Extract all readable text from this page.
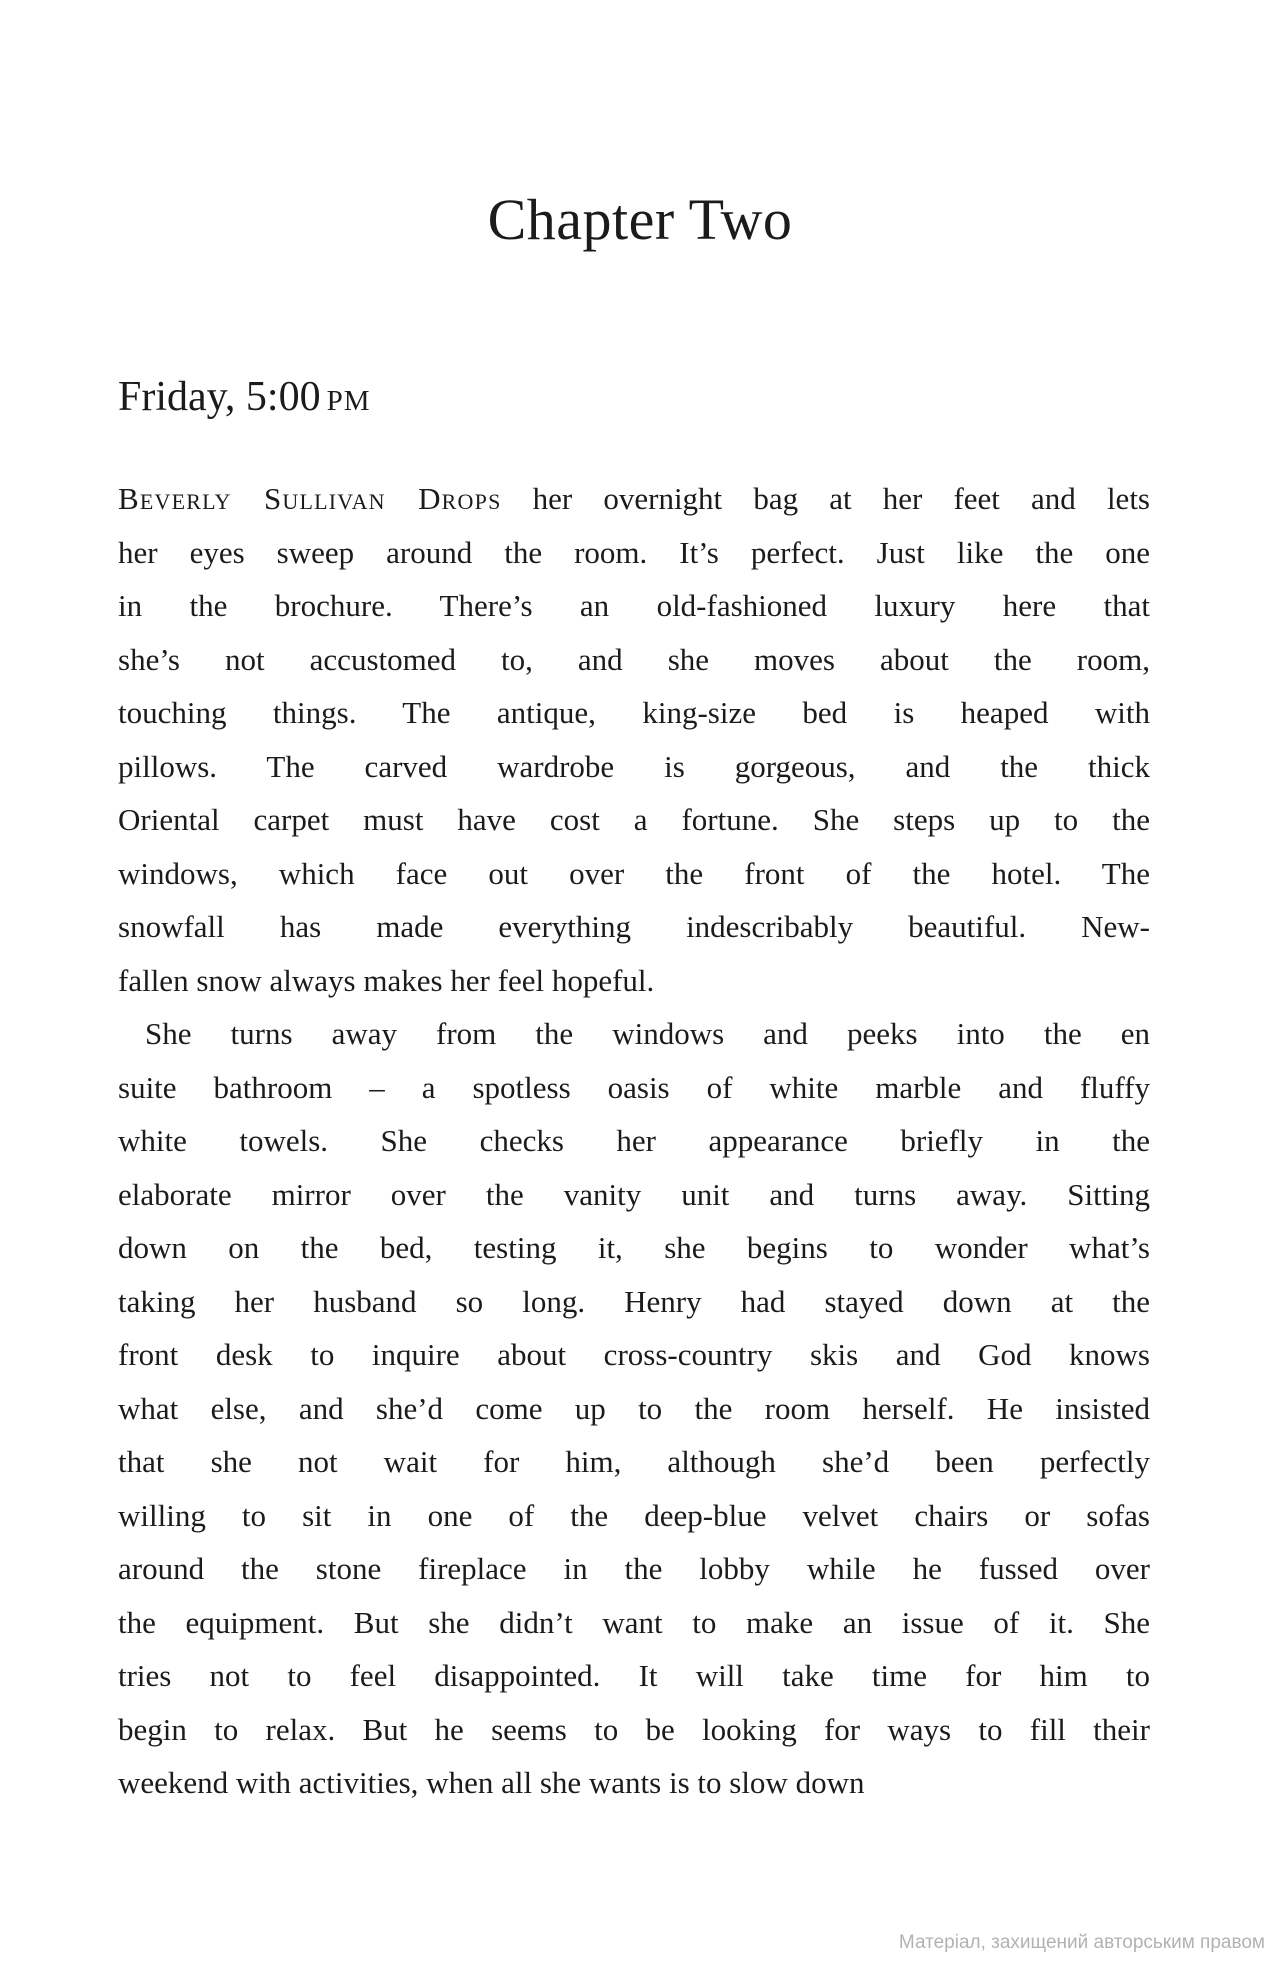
Chapter Two
Friday, 5:00 pm
Beverly Sullivan Drops her overnight bag at her feet and lets
her eyes sweep around the room. It’s perfect. Just like the one
in the brochure. There’s an old-fashioned luxury here that
she’s not accustomed to, and she moves about the room,
touching things. The antique, king-size bed is heaped with
pillows. The carved wardrobe is gorgeous, and the thick
Oriental carpet must have cost a fortune. She steps up to the
windows, which face out over the front of the hotel. The
snowfall has made everything indescribably beautiful. New-
fallen snow always makes her feel hopeful.
She turns away from the windows and peeks into the en
suite bathroom – a spotless oasis of white marble and fluffy
white towels. She checks her appearance briefly in the
elaborate mirror over the vanity unit and turns away. Sitting
down on the bed, testing it, she begins to wonder what’s
taking her husband so long. Henry had stayed down at the
front desk to inquire about cross-country skis and God knows
what else, and she’d come up to the room herself. He insisted
that she not wait for him, although she’d been perfectly
willing to sit in one of the deep-blue velvet chairs or sofas
around the stone fireplace in the lobby while he fussed over
the equipment. But she didn’t want to make an issue of it. She
tries not to feel disappointed. It will take time for him to
begin to relax. But he seems to be looking for ways to fill their
weekend with activities, when all she wants is to slow down
Матеріал, захищений авторським правом
